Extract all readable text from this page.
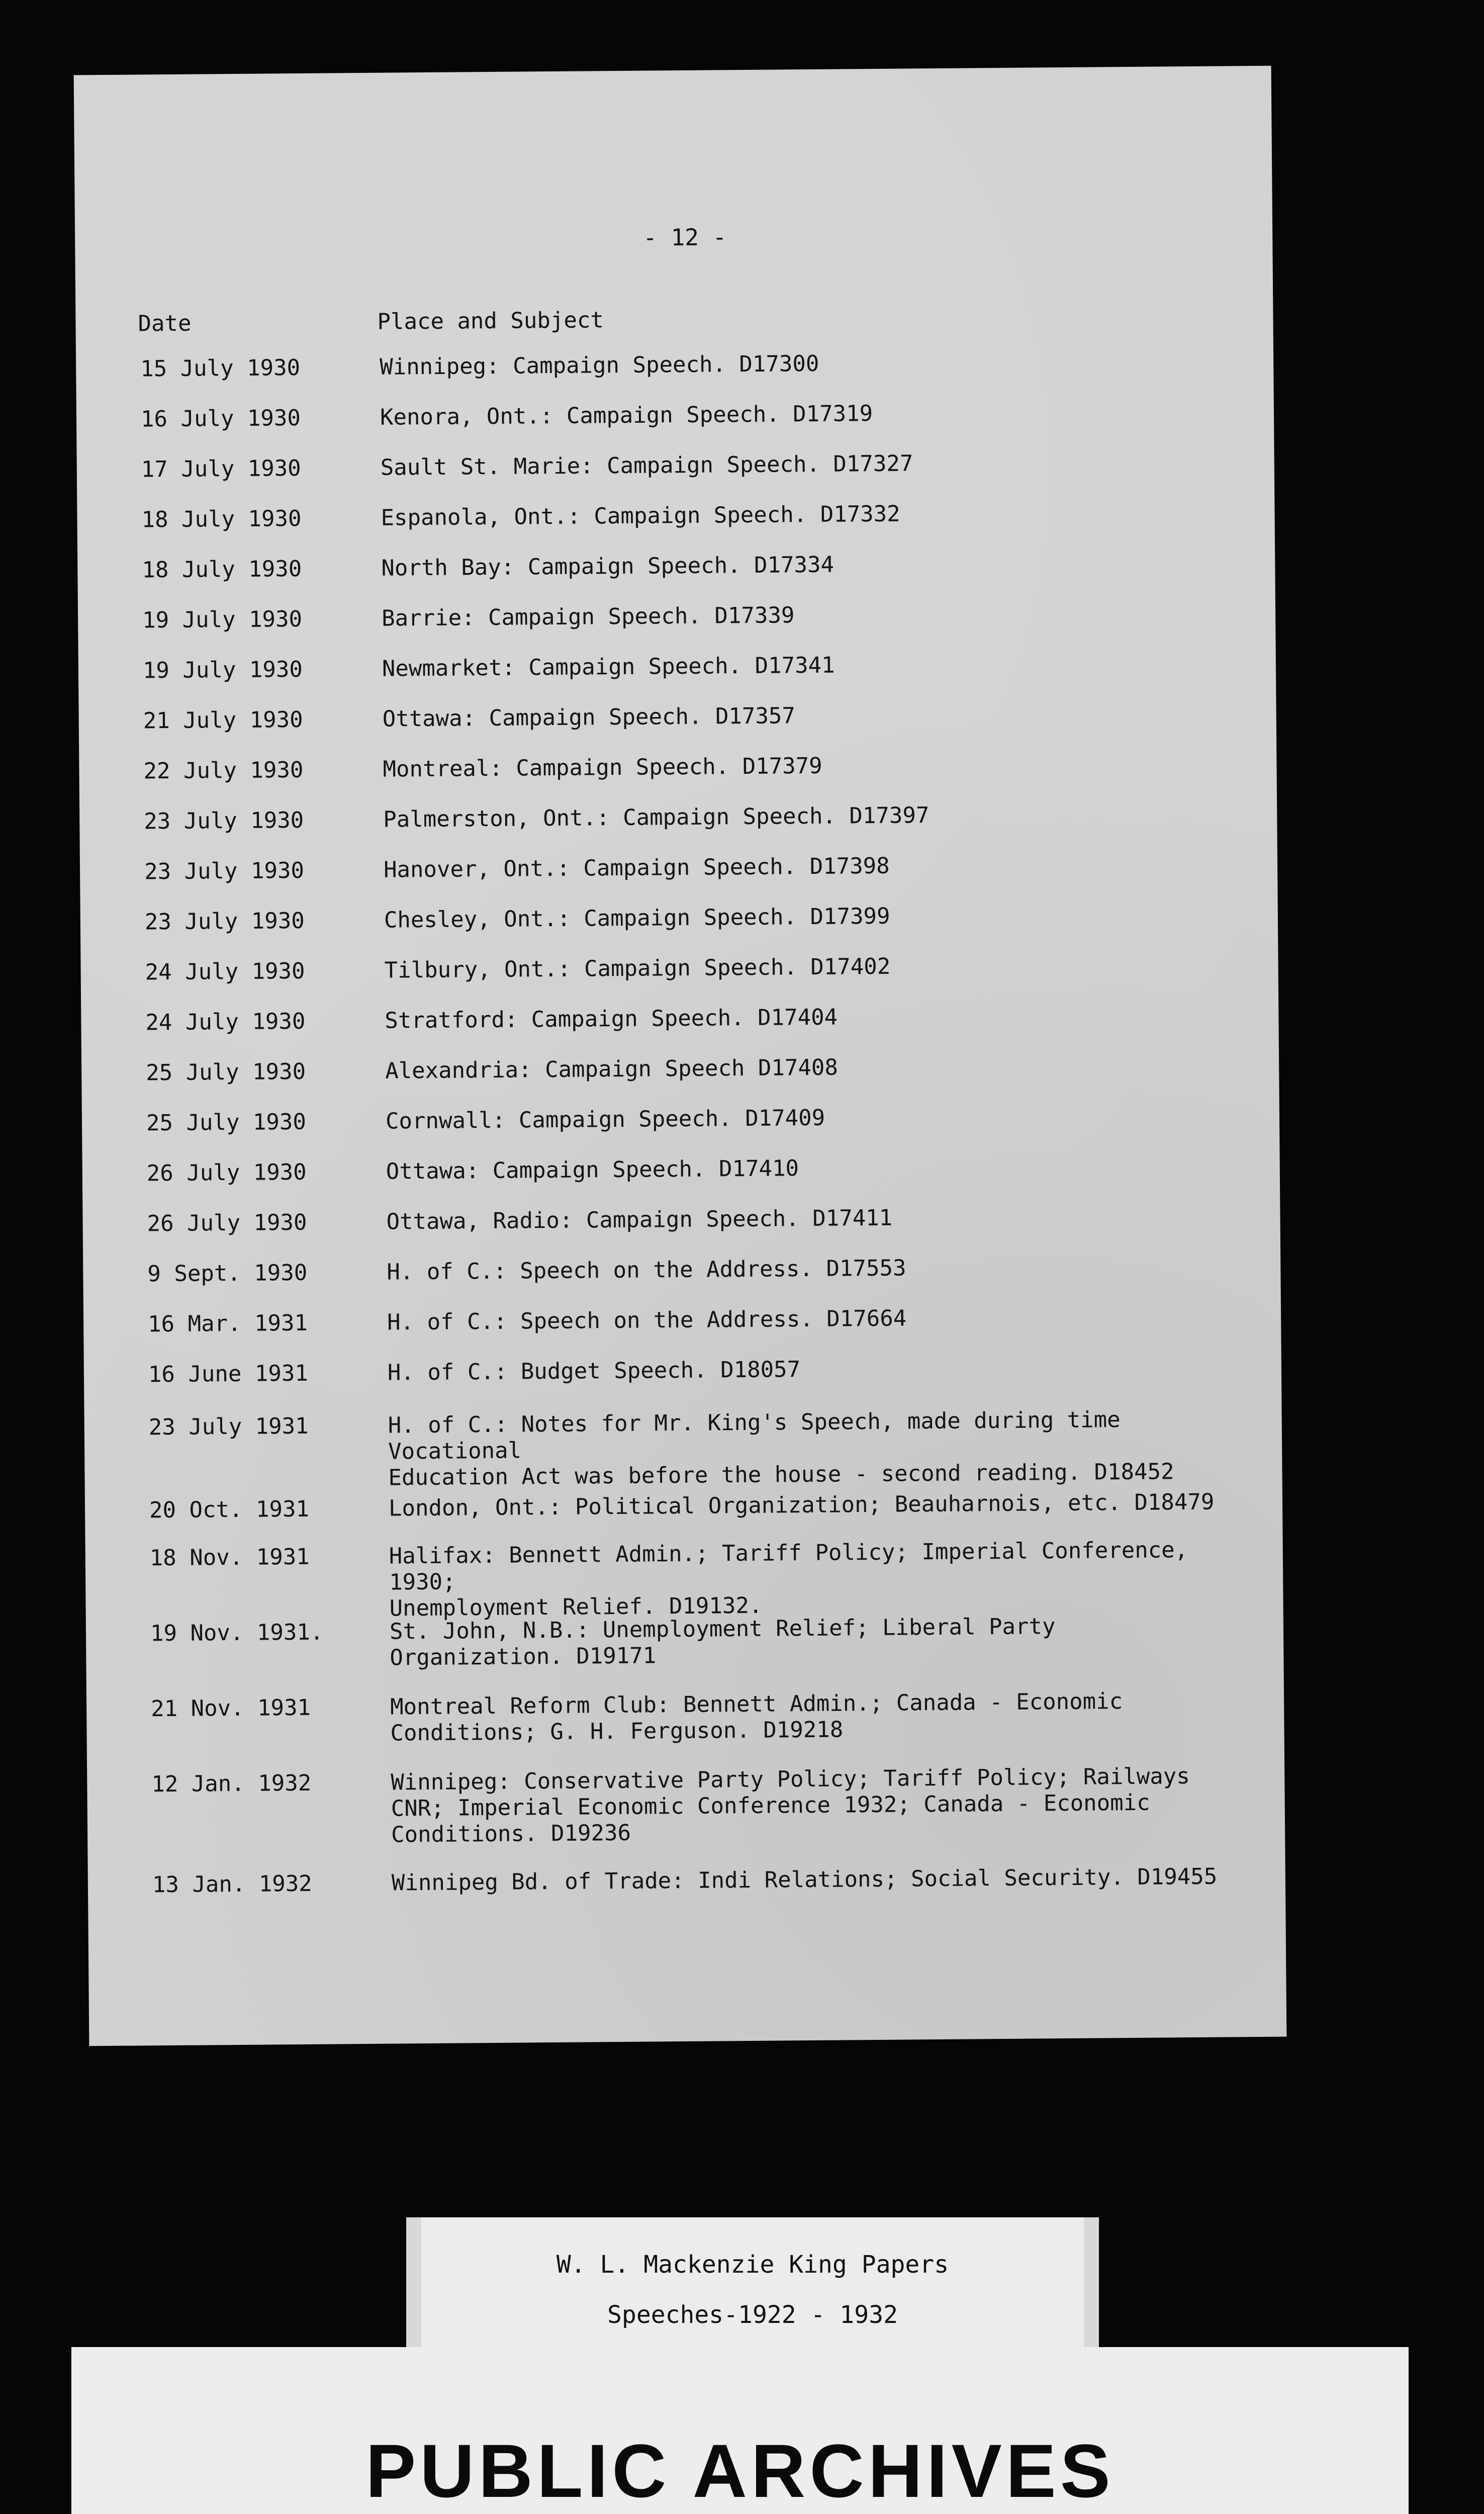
- 12 -
Date	Place and Subject
15 July 1930	Winnipeg: Campaign Speech. D17300
16 July 1930	Kenora, Ont.: Campaign Speech. D17319
17 July 1930	Sault St. Marie: Campaign Speech. D17327
18 July 1930	Espanola, Ont.: Campaign Speech. D17332
18 July 1930	North Bay: Campaign Speech. D17334
19 July 1930	Barrie: Campaign Speech. D17339
19 July 1930	Newmarket: Campaign Speech. D17341
21 July 1930	Ottawa: Campaign Speech. D17357
22 July 1930	Montreal: Campaign Speech. D17379
23 July 1930	Palmerston, Ont.: Campaign Speech. D17397
23 July 1930	Hanover, Ont.: Campaign Speech. D17398
23 July 1930	Chesley, Ont.: Campaign Speech. D17399
24 July 1930	Tilbury, Ont.: Campaign Speech. D17402
24 July 1930	Stratford: Campaign Speech. D17404
25 July 1930	Alexandria: Campaign Speech D17408
25 July 1930	Cornwall: Campaign Speech. D17409
26 July 1930	Ottawa: Campaign Speech. D17410
26 July 1930	Ottawa, Radio: Campaign Speech. D17411
9 Sept. 1930	H. of C.: Speech on the Address. D17553
16 Mar. 1931	H. of C.: Speech on the Address. D17664
16 June 1931	H. of C.: Budget Speech. D18057
23 July 1931	H. of C.: Notes for Mr. King's Speech, made during time Vocational
Education Act was before the house - second reading. D18452
20 Oct. 1931	London, Ont.: Political Organization; Beauharnois, etc. D18479
18 Nov. 1931	Halifax: Bennett Admin.; Tariff Policy; Imperial Conference, 1930;
Unemployment Relief. D19132.
19 Nov. 1931.	St. John, N.B.: Unemployment Relief; Liberal Party
Organization. D19171
21 Nov. 1931	Montreal Reform Club: Bennett Admin.; Canada - Economic
Conditions; G. H. Ferguson. D19218
12 Jan. 1932	Winnipeg: Conservative Party Policy; Tariff Policy; Railways
CNR; Imperial Economic Conference 1932; Canada - Economic
Conditions. D19236
13 Jan. 1932	Winnipeg Bd. of Trade: Indi Relations; Social Security. D19455
W. L. Mackenzie King Papers
Speeches-1922 - 1932
PUBLIC ARCHIVES
